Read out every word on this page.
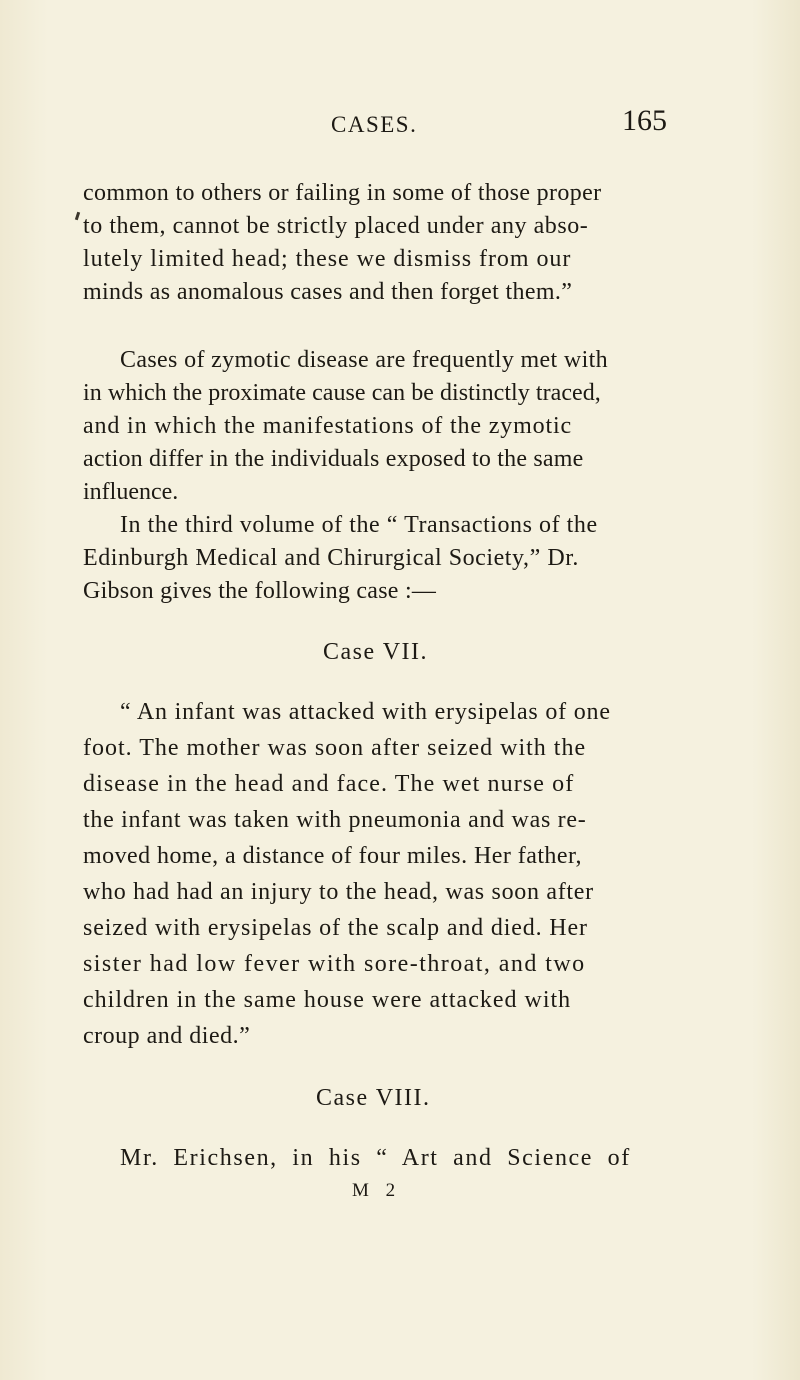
CASES.	165
common to others or failing in some of those proper
to them, cannot be strictly placed under any abso-
lutely limited head; these we dismiss from our
minds as anomalous cases and then forget them.”
Cases of zymotic disease are frequently met with
in which the proximate cause can be distinctly traced,
and in which the manifestations of the zymotic
action differ in the individuals exposed to the same
influence.
In the third volume of the “ Transactions of the
Edinburgh Medical and Chirurgical Society,” Dr.
Gibson gives the following case :—
Case VII.
“ An infant was attacked with erysipelas of one
foot. The mother was soon after seized with the
disease in the head and face. The wet nurse of
the infant was taken with pneumonia and was re-
moved home, a distance of four miles. Her father,
who had had an injury to the head, was soon after
seized with erysipelas of the scalp and died. Her
sister had low fever with sore-throat, and two
children in the same house were attacked with
croup and died.”
Case VIII.
Mr. Erichsen, in his “ Art and Science of
M 2
